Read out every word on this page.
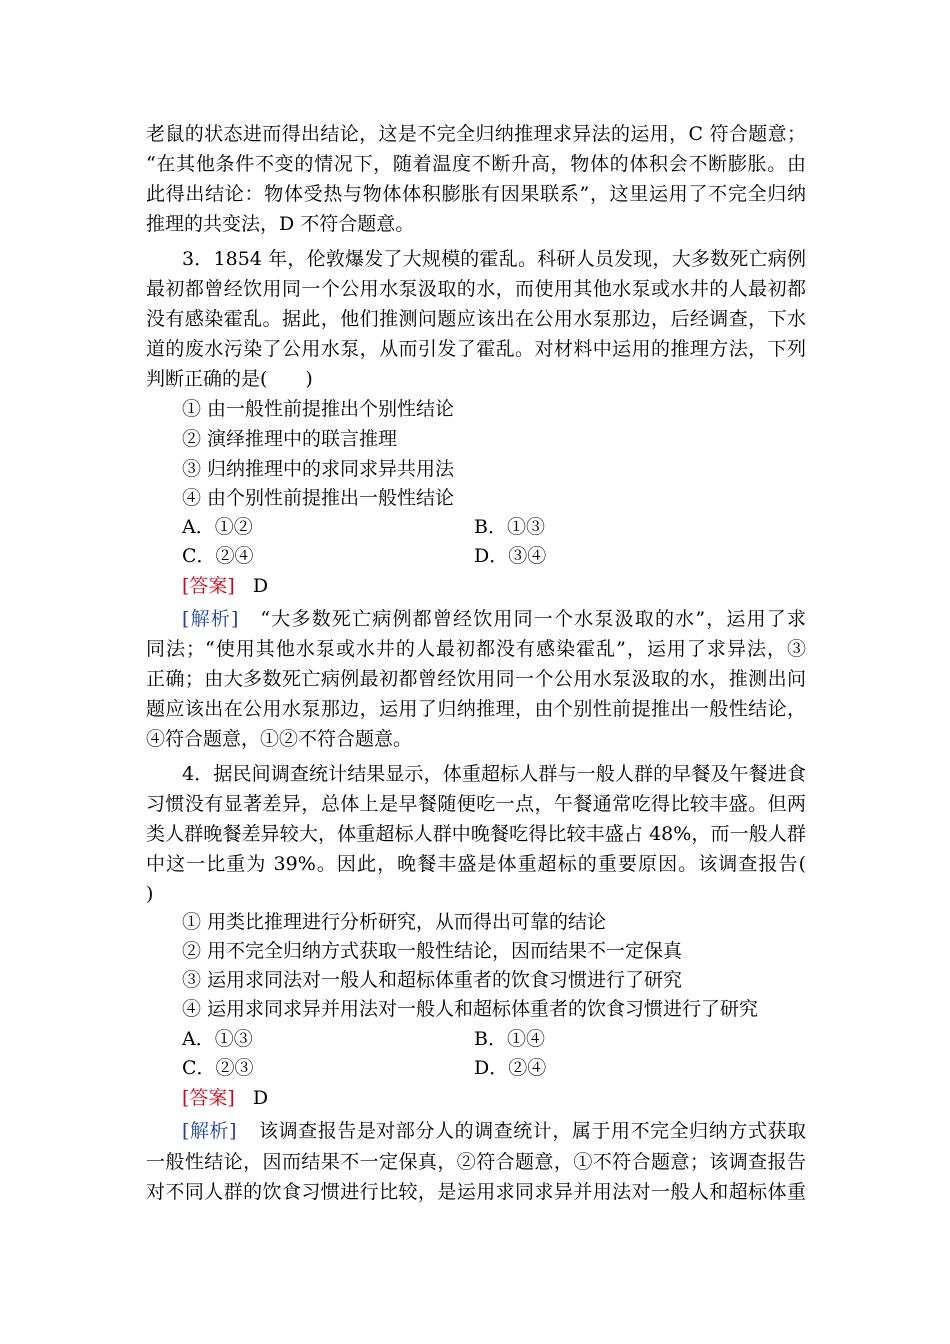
老鼠的状态进而得出结论，这是不完全归纳推理求异法的运用，C 符合题意；
“在其他条件不变的情况下，随着温度不断升高，物体的体积会不断膨胀。由
此得出结论：物体受热与物体体积膨胀有因果联系”，这里运用了不完全归纳
推理的共变法，D 不符合题意。
3．1854 年，伦敦爆发了大规模的霍乱。科研人员发现，大多数死亡病例
最初都曾经饮用同一个公用水泵汲取的水，而使用其他水泵或水井的人最初都
没有感染霍乱。据此，他们推测问题应该出在公用水泵那边，后经调查，下水
道的废水污染了公用水泵，从而引发了霍乱。对材料中运用的推理方法，下列
判断正确的是(　　)
① 由一般性前提推出个别性结论
② 演绎推理中的联言推理
③ 归纳推理中的求同求异共用法
④ 由个别性前提推出一般性结论
A．①②	B．①③
C．②④	D．③④
[答案] D
[解析] “大多数死亡病例都曾经饮用同一个水泵汲取的水”，运用了求
同法；“使用其他水泵或水井的人最初都没有感染霍乱”，运用了求异法，③
正确；由大多数死亡病例最初都曾经饮用同一个公用水泵汲取的水，推测出问
题应该出在公用水泵那边，运用了归纳推理，由个别性前提推出一般性结论，
④符合题意，①②不符合题意。
4．据民间调查统计结果显示，体重超标人群与一般人群的早餐及午餐进食
习惯没有显著差异，总体上是早餐随便吃一点，午餐通常吃得比较丰盛。但两
类人群晚餐差异较大，体重超标人群中晚餐吃得比较丰盛占 48%，而一般人群
中这一比重为 39%。因此，晚餐丰盛是体重超标的重要原因。该调查报告(
)
① 用类比推理进行分析研究，从而得出可靠的结论
② 用不完全归纳方式获取一般性结论，因而结果不一定保真
③ 运用求同法对一般人和超标体重者的饮食习惯进行了研究
④ 运用求同求异并用法对一般人和超标体重者的饮食习惯进行了研究
A．①③	B．①④
C．②③	D．②④
[答案] D
[解析] 该调查报告是对部分人的调查统计，属于用不完全归纳方式获取
一般性结论，因而结果不一定保真，②符合题意，①不符合题意；该调查报告
对不同人群的饮食习惯进行比较，是运用求同求异并用法对一般人和超标体重
